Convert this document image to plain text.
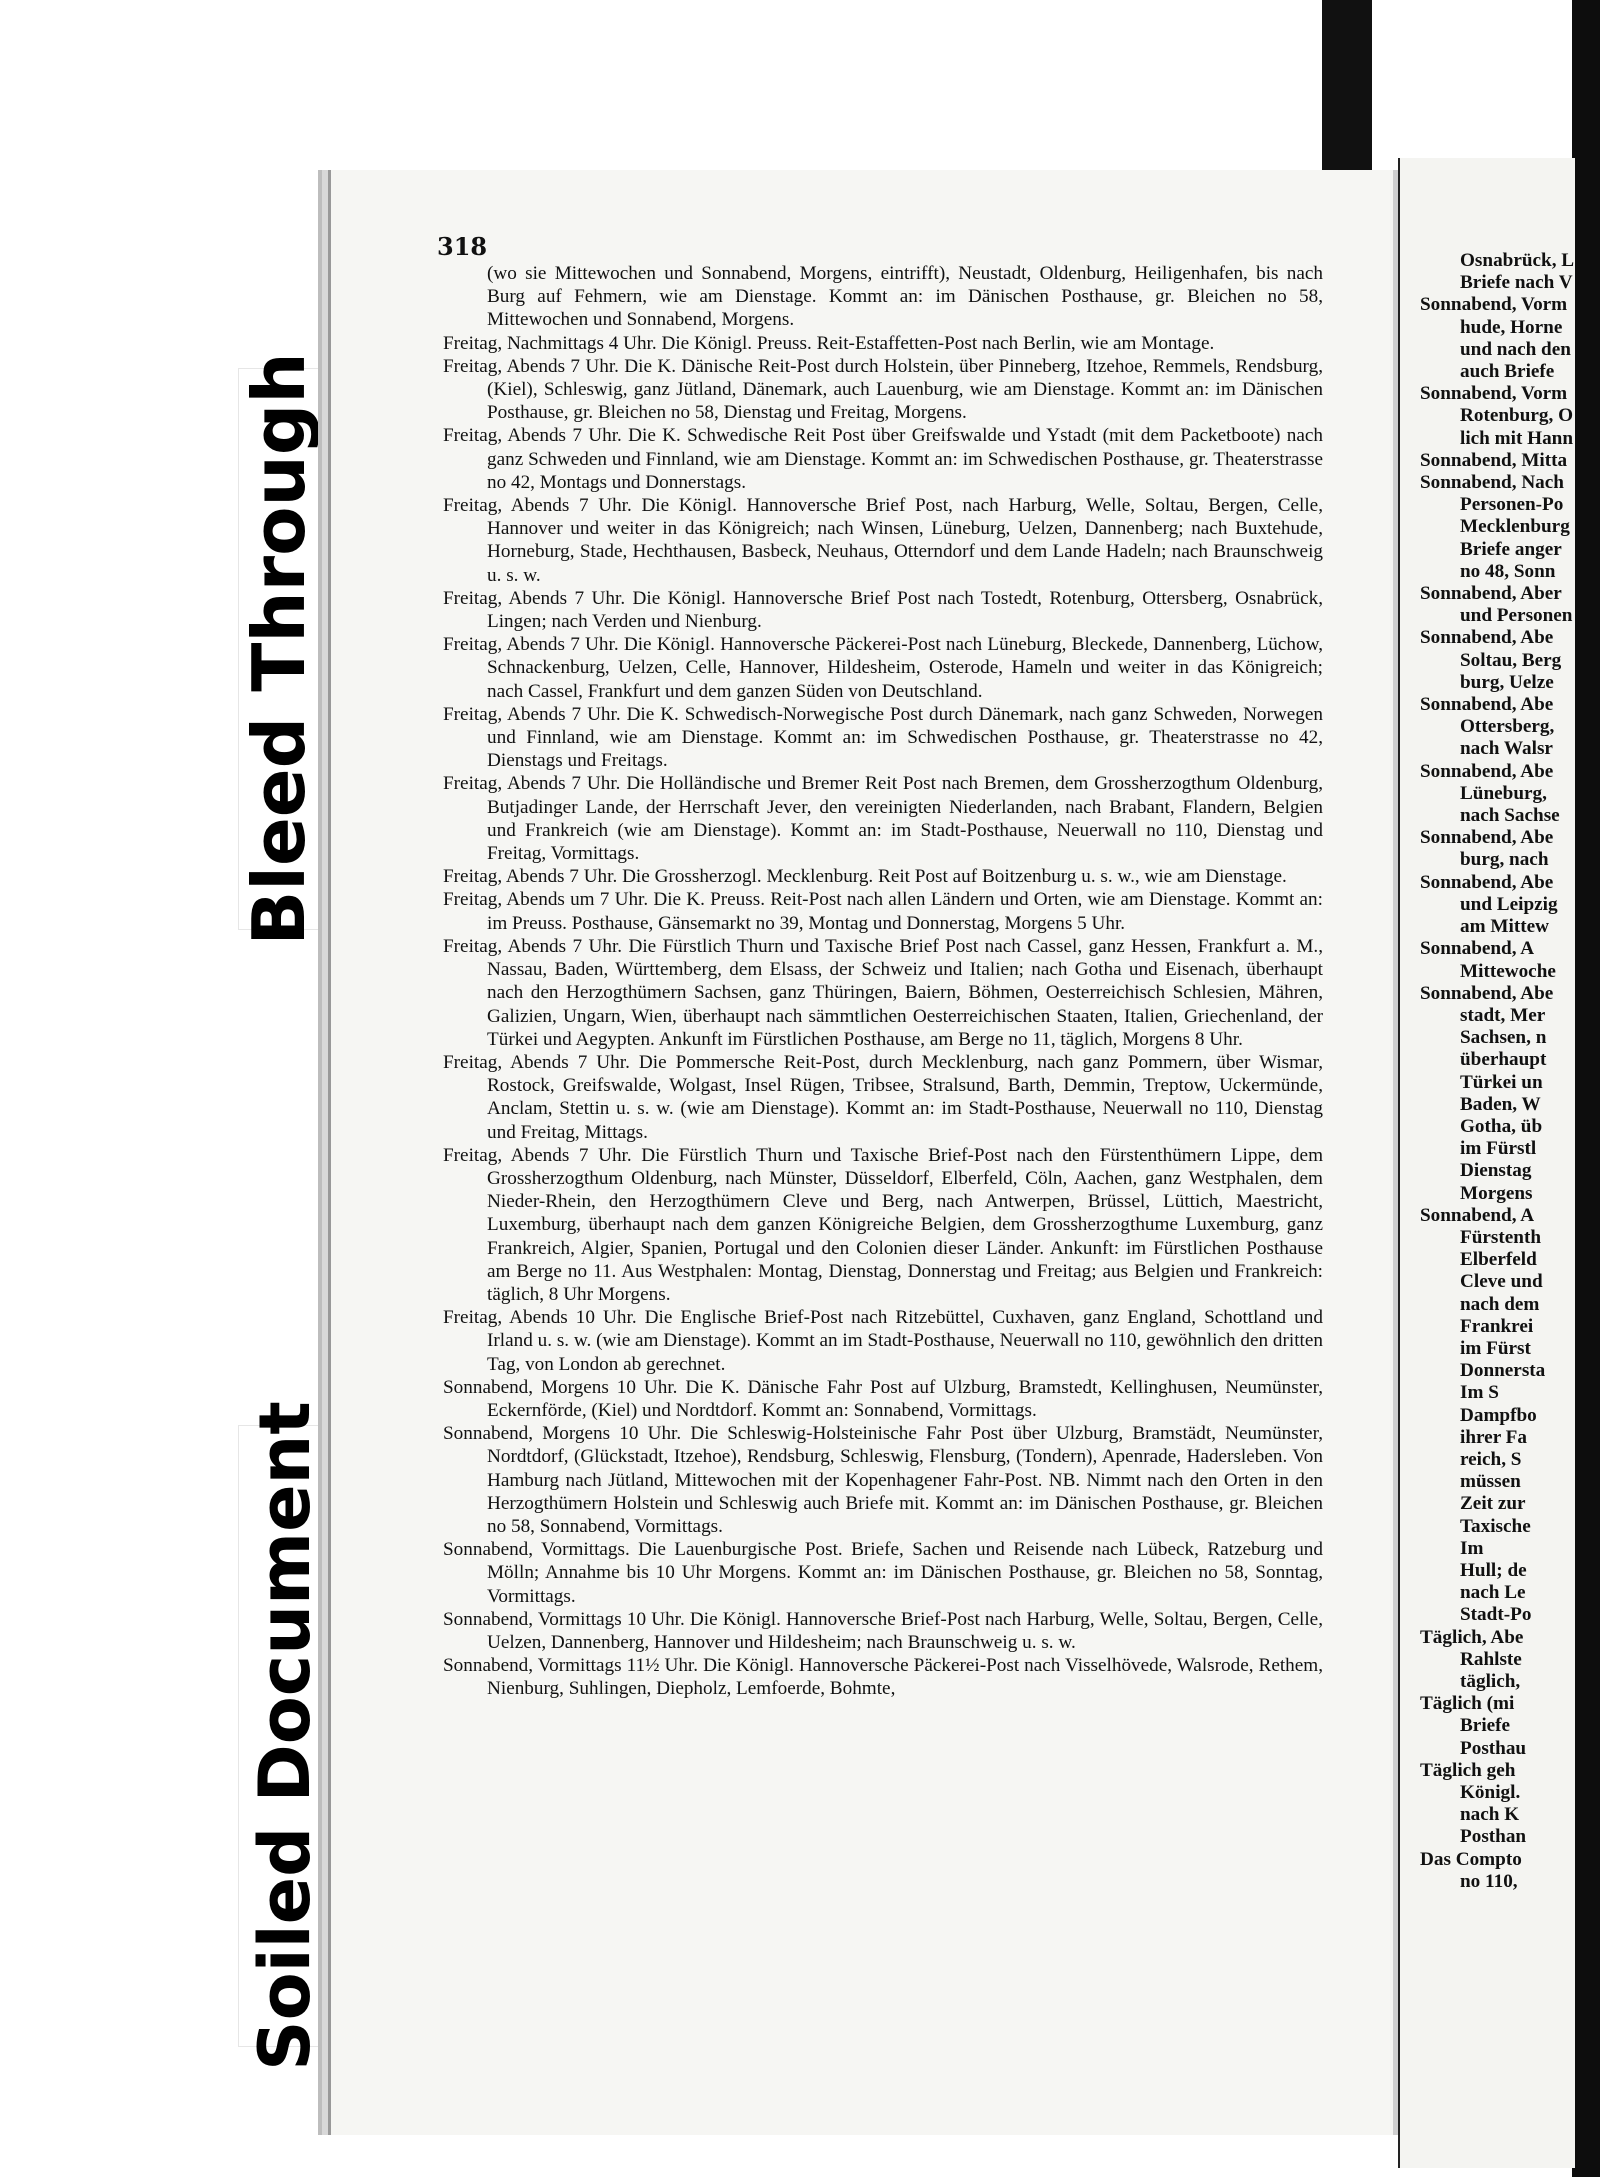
Bleed Through
Soiled Document
318

(wo sie Mittewochen und Sonnabend, Morgens, eintrifft), Neustadt, Oldenburg, Heiligenhafen, bis nach Burg auf Fehmern, wie am Dienstage. Kommt an: im Dänischen Posthause, gr. Bleichen no 58, Mittewochen und Sonnabend, Morgens.

Freitag, Nachmittags 4 Uhr. Die Königl. Preuss. Reit-Estaffetten-Post nach Berlin, wie am Montage.

Freitag, Abends 7 Uhr. Die K. Dänische Reit-Post durch Holstein, über Pinneberg, Itzehoe, Remmels, Rendsburg, (Kiel), Schleswig, ganz Jütland, Dänemark, auch Lauenburg, wie am Dienstage. Kommt an: im Dänischen Posthause, gr. Bleichen no 58, Dienstag und Freitag, Morgens.

Freitag, Abends 7 Uhr. Die K. Schwedische Reit Post über Greifswalde und Ystadt (mit dem Packetboote) nach ganz Schweden und Finnland, wie am Dienstage. Kommt an: im Schwedischen Posthause, gr. Theaterstrasse no 42, Montags und Donnerstags.

Freitag, Abends 7 Uhr. Die Königl. Hannoversche Brief Post, nach Harburg, Welle, Soltau, Bergen, Celle, Hannover und weiter in das Königreich; nach Winsen, Lüneburg, Uelzen, Dannenberg; nach Buxtehude, Horneburg, Stade, Hechthausen, Basbeck, Neuhaus, Otterndorf und dem Lande Hadeln; nach Braunschweig u. s. w.

Freitag, Abends 7 Uhr. Die Königl. Hannoversche Brief Post nach Tostedt, Rotenburg, Ottersberg, Osnabrück, Lingen; nach Verden und Nienburg.

Freitag, Abends 7 Uhr. Die Königl. Hannoversche Päckerei-Post nach Lüneburg, Bleckede, Dannenberg, Lüchow, Schnackenburg, Uelzen, Celle, Hannover, Hildesheim, Osterode, Hameln und weiter in das Königreich; nach Cassel, Frankfurt und dem ganzen Süden von Deutschland.

Freitag, Abends 7 Uhr. Die K. Schwedisch-Norwegische Post durch Dänemark, nach ganz Schweden, Norwegen und Finnland, wie am Dienstage. Kommt an: im Schwedischen Posthause, gr. Theaterstrasse no 42, Dienstags und Freitags.

Freitag, Abends 7 Uhr. Die Holländische und Bremer Reit Post nach Bremen, dem Grossherzogthum Oldenburg, Butjadinger Lande, der Herrschaft Jever, den vereinigten Niederlanden, nach Brabant, Flandern, Belgien und Frankreich (wie am Dienstage). Kommt an: im Stadt-Posthause, Neuerwall no 110, Dienstag und Freitag, Vormittags.

Freitag, Abends 7 Uhr. Die Grossherzogl. Mecklenburg. Reit Post auf Boitzenburg u. s. w., wie am Dienstage.

Freitag, Abends um 7 Uhr. Die K. Preuss. Reit-Post nach allen Ländern und Orten, wie am Dienstage. Kommt an: im Preuss. Posthause, Gänsemarkt no 39, Montag und Donnerstag, Morgens 5 Uhr.

Freitag, Abends 7 Uhr. Die Fürstlich Thurn und Taxische Brief Post nach Cassel, ganz Hessen, Frankfurt a. M., Nassau, Baden, Württemberg, dem Elsass, der Schweiz und Italien; nach Gotha und Eisenach, überhaupt nach den Herzogthümern Sachsen, ganz Thüringen, Baiern, Böhmen, Oesterreichisch Schlesien, Mähren, Galizien, Ungarn, Wien, überhaupt nach sämmtlichen Oesterreichischen Staaten, Italien, Griechenland, der Türkei und Aegypten. Ankunft im Fürstlichen Posthause, am Berge no 11, täglich, Morgens 8 Uhr.

Freitag, Abends 7 Uhr. Die Pommersche Reit-Post, durch Mecklenburg, nach ganz Pommern, über Wismar, Rostock, Greifswalde, Wolgast, Insel Rügen, Tribsee, Stralsund, Barth, Demmin, Treptow, Uckermünde, Anclam, Stettin u. s. w. (wie am Dienstage). Kommt an: im Stadt-Posthause, Neuerwall no 110, Dienstag und Freitag, Mittags.

Freitag, Abends 7 Uhr. Die Fürstlich Thurn und Taxische Brief-Post nach den Fürstenthümern Lippe, dem Grossherzogthum Oldenburg, nach Münster, Düsseldorf, Elberfeld, Cöln, Aachen, ganz Westphalen, dem Nieder-Rhein, den Herzogthümern Cleve und Berg, nach Antwerpen, Brüssel, Lüttich, Maestricht, Luxemburg, überhaupt nach dem ganzen Königreiche Belgien, dem Grossherzogthume Luxemburg, ganz Frankreich, Algier, Spanien, Portugal und den Colonien dieser Länder. Ankunft: im Fürstlichen Posthause am Berge no 11. Aus Westphalen: Montag, Dienstag, Donnerstag und Freitag; aus Belgien und Frankreich: täglich, 8 Uhr Morgens.

Freitag, Abends 10 Uhr. Die Englische Brief-Post nach Ritzebüttel, Cuxhaven, ganz England, Schottland und Irland u. s. w. (wie am Dienstage). Kommt an im Stadt-Posthause, Neuerwall no 110, gewöhnlich den dritten Tag, von London ab gerechnet.

Sonnabend, Morgens 10 Uhr. Die K. Dänische Fahr Post auf Ulzburg, Bramstedt, Kellinghusen, Neumünster, Eckernförde, (Kiel) und Nordtdorf. Kommt an: Sonnabend, Vormittags.

Sonnabend, Morgens 10 Uhr. Die Schleswig-Holsteinische Fahr Post über Ulzburg, Bramstädt, Neumünster, Nordtdorf, (Glückstadt, Itzehoe), Rendsburg, Schleswig, Flensburg, (Tondern), Apenrade, Hadersleben. Von Hamburg nach Jütland, Mittewochen mit der Kopenhagener Fahr-Post. NB. Nimmt nach den Orten in den Herzogthümern Holstein und Schleswig auch Briefe mit. Kommt an: im Dänischen Posthause, gr. Bleichen no 58, Sonnabend, Vormittags.

Sonnabend, Vormittags. Die Lauenburgische Post. Briefe, Sachen und Reisende nach Lübeck, Ratzeburg und Mölln; Annahme bis 10 Uhr Morgens. Kommt an: im Dänischen Posthause, gr. Bleichen no 58, Sonntag, Vormittags.

Sonnabend, Vormittags 10 Uhr. Die Königl. Hannoversche Brief-Post nach Harburg, Welle, Soltau, Bergen, Celle, Uelzen, Dannenberg, Hannover und Hildesheim; nach Braunschweig u. s. w.

Sonnabend, Vormittags 11½ Uhr. Die Königl. Hannoversche Päckerei-Post nach Visselhövede, Walsrode, Rethem, Nienburg, Suhlingen, Diepholz, Lemfoerde, Bohmte,

Osnabrück, L
Briefe nach V
Sonnabend, Vorm
hude, Horne
und nach den
auch Briefe
Sonnabend, Vorm
Rotenburg, O
lich mit Hann
Sonnabend, Mitta
Sonnabend, Nach
Personen-Po
Mecklenburg
Briefe anger
no 48, Sonn
Sonnabend, Aber
und Personen
Sonnabend, Abe
Soltau, Berg
burg, Uelze
Sonnabend, Abe
Ottersberg,
nach Walsr
Sonnabend, Abe
Lüneburg,
nach Sachse
Sonnabend, Abe
burg, nach
Sonnabend, Abe
und Leipzig
am Mittew
Sonnabend, A
Mittewoche
Sonnabend, Abe
stadt, Mer
Sachsen, n
überhaupt
Türkei un
Baden, W
Gotha, üb
im Fürstl
Dienstag
Morgens
Sonnabend, A
Fürstenth
Elberfeld
Cleve und
nach dem
Frankrei
im Fürst
Donnersta
Im S
Dampfbo
ihrer Fa
reich, S
müssen
Zeit zur
Taxische
Im
Hull; de
nach Le
Stadt-Po
Täglich, Abe
Rahlste
täglich,
Täglich (mi
Briefe
Posthau
Täglich geh
Königl.
nach K
Posthan
Das Compto
no 110,
